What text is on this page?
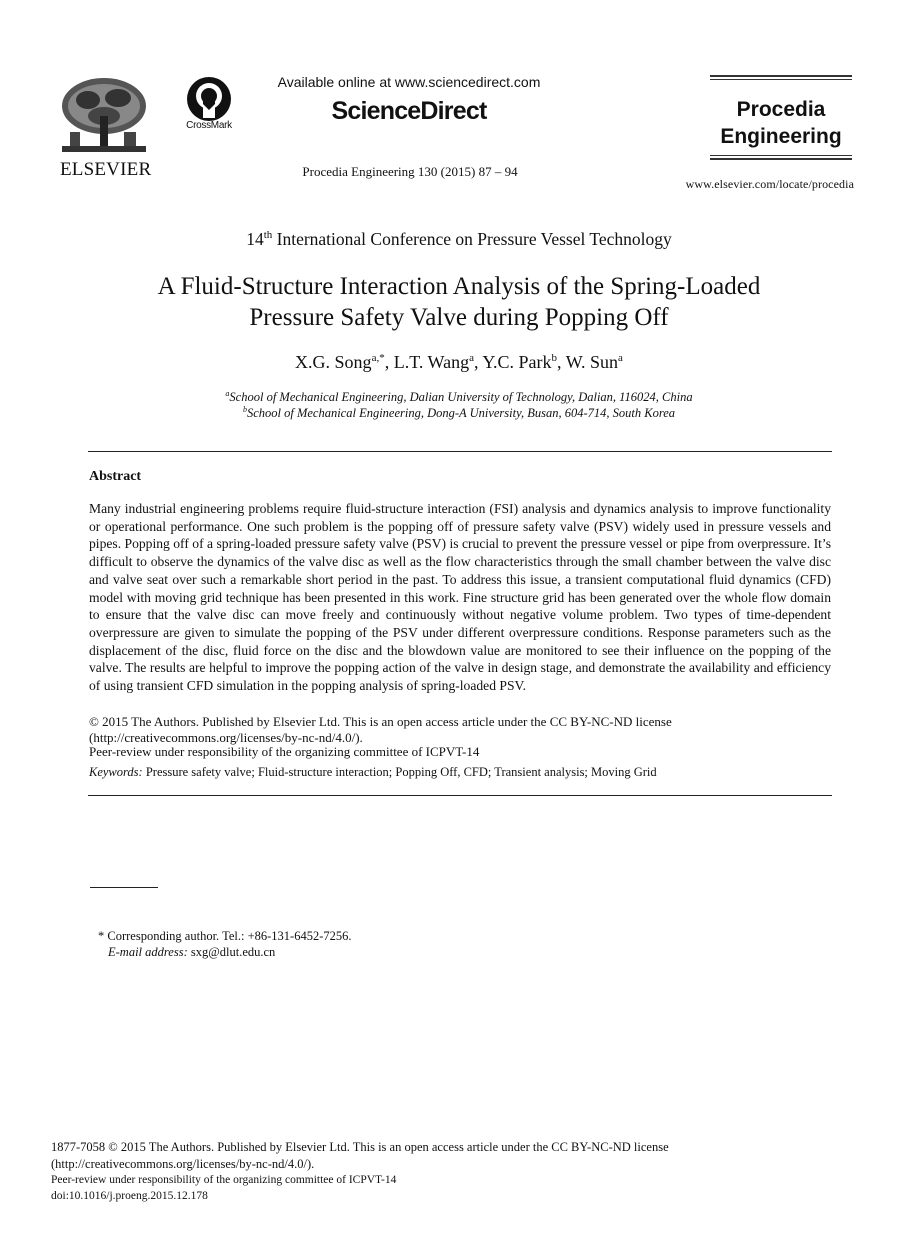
ELSEVIER
CrossMark
Available online at www.sciencedirect.com
ScienceDirect
Procedia Engineering 130 (2015) 87 – 94
Procedia
Engineering
www.elsevier.com/locate/procedia
14th International Conference on Pressure Vessel Technology
A Fluid-Structure Interaction Analysis of the Spring-Loaded
Pressure Safety Valve during Popping Off
X.G. Song$^{a,*}$, L.T. Wang$^a$, Y.C. Park$^b$, W. Sun$^a$
$^a$School of Mechanical Engineering, Dalian University of Technology, Dalian, 116024, China
$^b$School of Mechanical Engineering, Dong-A University, Busan, 604-714, South Korea
Abstract
Many industrial engineering problems require fluid-structure interaction (FSI) analysis and dynamics analysis to improve functionality or operational performance. One such problem is the popping off of pressure safety valve (PSV) widely used in pressure vessels and pipes. Popping off of a spring-loaded pressure safety valve (PSV) is crucial to prevent the pressure vessel or pipe from overpressure. It’s difficult to observe the dynamics of the valve disc as well as the flow characteristics through the small chamber between the valve disc and valve seat over such a remarkable short period in the past. To address this issue, a transient computational fluid dynamics (CFD) model with moving grid technique has been presented in this work. Fine structure grid has been generated over the whole flow domain to ensure that the valve disc can move freely and continuously without negative volume problem. Two types of time-dependent overpressure are given to simulate the popping of the PSV under different overpressure conditions. Response parameters such as the displacement of the disc, fluid force on the disc and the blowdown value are monitored to see their influence on the popping of the valve. The results are helpful to improve the popping action of the valve in design stage, and demonstrate the availability and efficiency of using transient CFD simulation in the popping analysis of spring-loaded PSV.
© 2015 The Authors. Published by Elsevier Ltd. This is an open access article under the CC BY-NC-ND license
(http://creativecommons.org/licenses/by-nc-nd/4.0/).
Peer-review under responsibility of the organizing committee of ICPVT-14
Keywords: Pressure safety valve; Fluid-structure interaction; Popping Off, CFD; Transient analysis; Moving Grid
* Corresponding author. Tel.: +86-131-6452-7256.
E-mail address: sxg@dlut.edu.cn
1877-7058 © 2015 The Authors. Published by Elsevier Ltd. This is an open access article under the CC BY-NC-ND license
(http://creativecommons.org/licenses/by-nc-nd/4.0/).
Peer-review under responsibility of the organizing committee of ICPVT-14
doi:10.1016/j.proeng.2015.12.178
